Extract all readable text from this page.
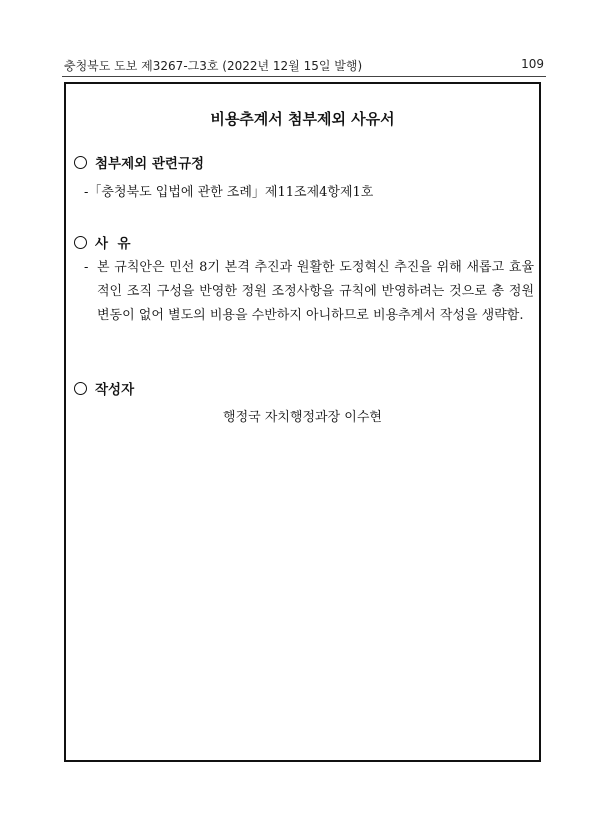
충청북도 도보 제3267-그3호 (2022년 12월 15일 발행)	109
비용추계서 첨부제외 사유서
첨부제외 관련규정
-「충청북도 입법에 관한 조례」제11조제4항제1호
사  유
- 본 규칙안은 민선 8기 본격 추진과 원활한 도정혁신 추진을 위해 새롭고 효율적인 조직 구성을 반영한 정원 조정사항을 규칙에 반영하려는 것으로 총 정원 변동이 없어 별도의 비용을 수반하지 아니하므로 비용추계서 작성을 생략함.
작성자
행정국 자치행정과장 이수현
